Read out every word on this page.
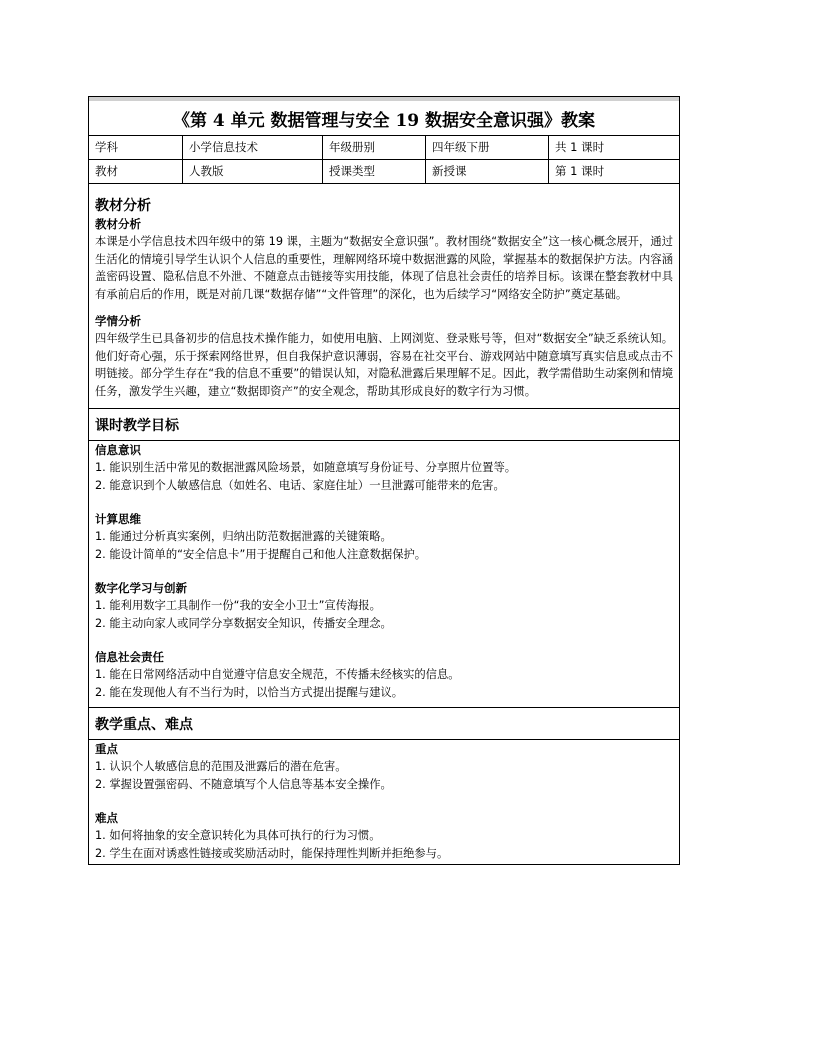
《第 4 单元 数据管理与安全 19 数据安全意识强》教案
学科	小学信息技术	年级册别	四年级下册	共 1 课时
教材	人教版	授课类型	新授课	第 1 课时
教材分析
教材分析
本课是小学信息技术四年级中的第 19 课，主题为“数据安全意识强”。教材围绕“数据安全”这一核心概念展开，通过生活化的情境引导学生认识个人信息的重要性，理解网络环境中数据泄露的风险，掌握基本的数据保护方法。内容涵盖密码设置、隐私信息不外泄、不随意点击链接等实用技能，体现了信息社会责任的培养目标。该课在整套教材中具有承前启后的作用，既是对前几课“数据存储”“文件管理”的深化，也为后续学习“网络安全防护”奠定基础。
学情分析
四年级学生已具备初步的信息技术操作能力，如使用电脑、上网浏览、登录账号等，但对“数据安全”缺乏系统认知。他们好奇心强，乐于探索网络世界，但自我保护意识薄弱，容易在社交平台、游戏网站中随意填写真实信息或点击不明链接。部分学生存在“我的信息不重要”的错误认知，对隐私泄露后果理解不足。因此，教学需借助生动案例和情境任务，激发学生兴趣，建立“数据即资产”的安全观念，帮助其形成良好的数字行为习惯。
课时教学目标
信息意识
1. 能识别生活中常见的数据泄露风险场景，如随意填写身份证号、分享照片位置等。
2. 能意识到个人敏感信息（如姓名、电话、家庭住址）一旦泄露可能带来的危害。
计算思维
1. 能通过分析真实案例，归纳出防范数据泄露的关键策略。
2. 能设计简单的“安全信息卡”用于提醒自己和他人注意数据保护。
数字化学习与创新
1. 能利用数字工具制作一份“我的安全小卫士”宣传海报。
2. 能主动向家人或同学分享数据安全知识，传播安全理念。
信息社会责任
1. 能在日常网络活动中自觉遵守信息安全规范，不传播未经核实的信息。
2. 能在发现他人有不当行为时，以恰当方式提出提醒与建议。
教学重点、难点
重点
1. 认识个人敏感信息的范围及泄露后的潜在危害。
2. 掌握设置强密码、不随意填写个人信息等基本安全操作。
难点
1. 如何将抽象的安全意识转化为具体可执行的行为习惯。
2. 学生在面对诱惑性链接或奖励活动时，能保持理性判断并拒绝参与。
